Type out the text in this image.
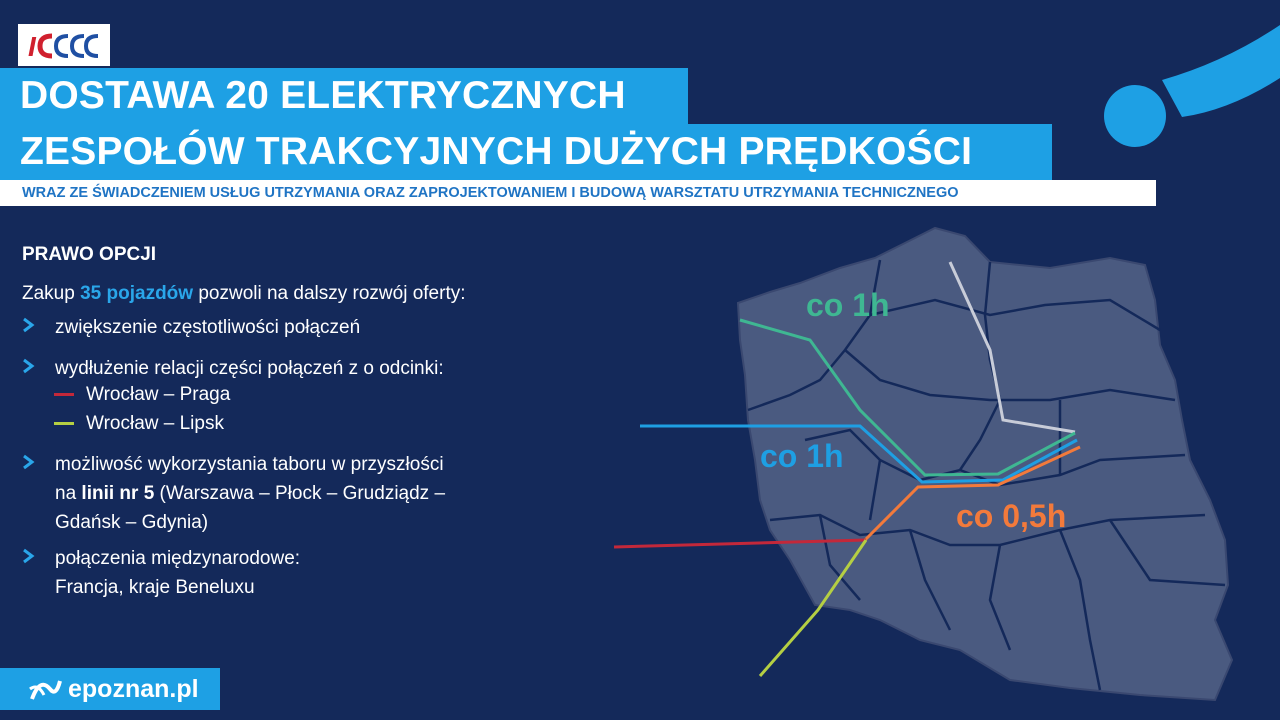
I
DOSTAWA 20 ELEKTRYCZNYCH
ZESPOŁÓW TRAKCYJNYCH DUŻYCH PRĘDKOŚCI
WRAZ ZE ŚWIADCZENIEM USŁUG UTRZYMANIA ORAZ ZAPROJEKTOWANIEM I BUDOWĄ WARSZTATU UTRZYMANIA TECHNICZNEGO
PRAWO OPCJI
Zakup 35 pojazdów pozwoli na dalszy rozwój oferty:
zwiększenie częstotliwości połączeń
wydłużenie relacji części połączeń z o odcinki:
Wrocław – Praga
Wrocław – Lipsk
możliwość wykorzystania taboru w przyszłości
na linii nr 5 (Warszawa – Płock – Grudziądz –
Gdańsk – Gdynia)
połączenia międzynarodowe:
Francja, kraje Beneluxu
co 1h
co 1h
co 0,5h
epoznan.pl
